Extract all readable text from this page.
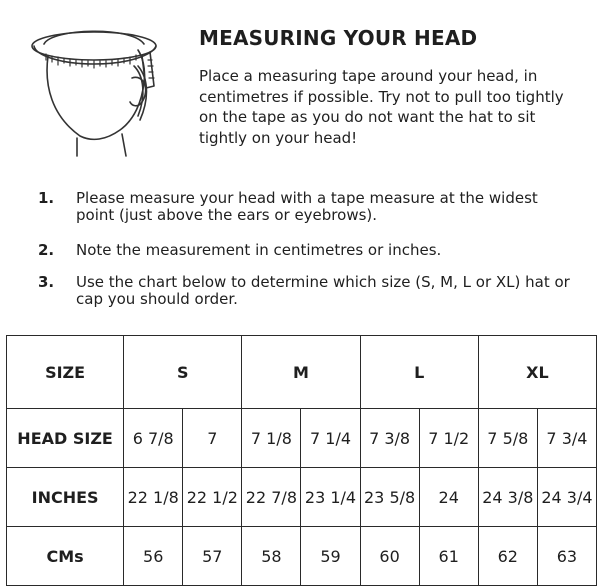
MEASURING YOUR HEAD
Place a measuring tape around your head, in centimetres if possible. Try not to pull too tightly on the tape as you do not want the hat to sit tightly on your head!
1.	Please measure your head with a tape measure at the widest point (just above the ears or eyebrows).
2.	Note the measurement in centimetres or inches.
3.	Use the chart below to determine which size (S, M, L or XL) hat or cap you should order.
SIZE	S		M		L		XL	
HEAD SIZE	6 7/8	7	7 1/8	7 1/4	7 3/8	7 1/2	7 5/8	7 3/4
INCHES	22 1/8	22 1/2	22 7/8	23 1/4	23 5/8	24	24 3/8	24 3/4
CMs	56	57	58	59	60	61	62	63
